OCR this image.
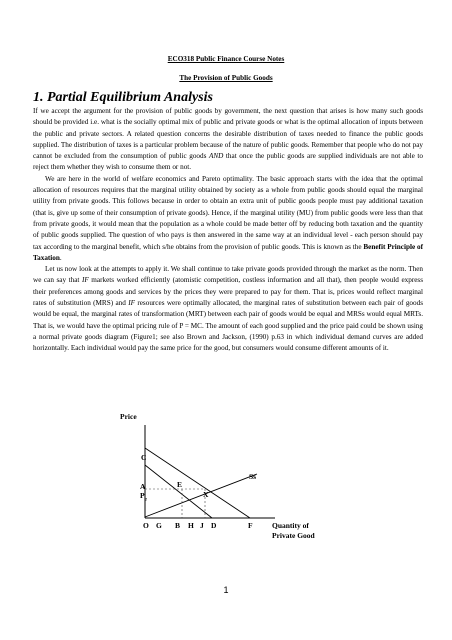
ECO318 Public Finance Course Notes
The Provision of Public Goods
1. Partial Equilibrium Analysis

If we accept the argument for the provision of public goods by government, the next question that arises is how many such goods should be provided i.e. what is the socially optimal mix of public and private goods or what is the optimal allocation of inputs between the public and private sectors. A related question concerns the desirable distribution of taxes needed to finance the public goods supplied. The distribution of taxes is a particular problem because of the nature of public goods. Remember that people who do not pay cannot be excluded from the consumption of public goods AND that once the public goods are supplied individuals are not able to reject them whether they wish to consume them or not.

We are here in the world of welfare economics and Pareto optimality. The basic approach starts with the idea that the optimal allocation of resources requires that the marginal utility obtained by society as a whole from public goods should equal the marginal utility from private goods. This follows because in order to obtain an extra unit of public goods people must pay additional taxation (that is, give up some of their consumption of private goods). Hence, if the marginal utility (MU) from public goods were less than that from private goods, it would mean that the population as a whole could be made better off by reducing both taxation and the quantity of public goods supplied. The question of who pays is then answered in the same way at an individual level - each person should pay tax according to the marginal benefit, which s/he obtains from the provision of public goods. This is known as the Benefit Principle of Taxation.

Let us now look at the attempts to apply it. We shall continue to take private goods provided through the market as the norm. Then we can say that IF markets worked efficiently (atomistic competition, costless information and all that), then people would express their preferences among goods and services by the prices they were prepared to pay for them. That is, prices would reflect marginal rates of substitution (MRS) and IF resources were optimally allocated, the marginal rates of substitution between each pair of goods would be equal, the marginal rates of transformation (MRT) between each pair of goods would be equal and MRSs would equal MRTs. That is, we would have the optimal pricing rule of P = MC. The amount of each good supplied and the price paid could be shown using a normal private goods diagram (Figure1; see also Brown and Jackson, (1990) p.63 in which individual demand curves are added horizontally. Each individual would pay the same price for the good, but consumers would consume different amounts of it.

Price
C
A	E
X
$P_e$
Ss
O G B H J D	F	Quantity of
Private Good
1
